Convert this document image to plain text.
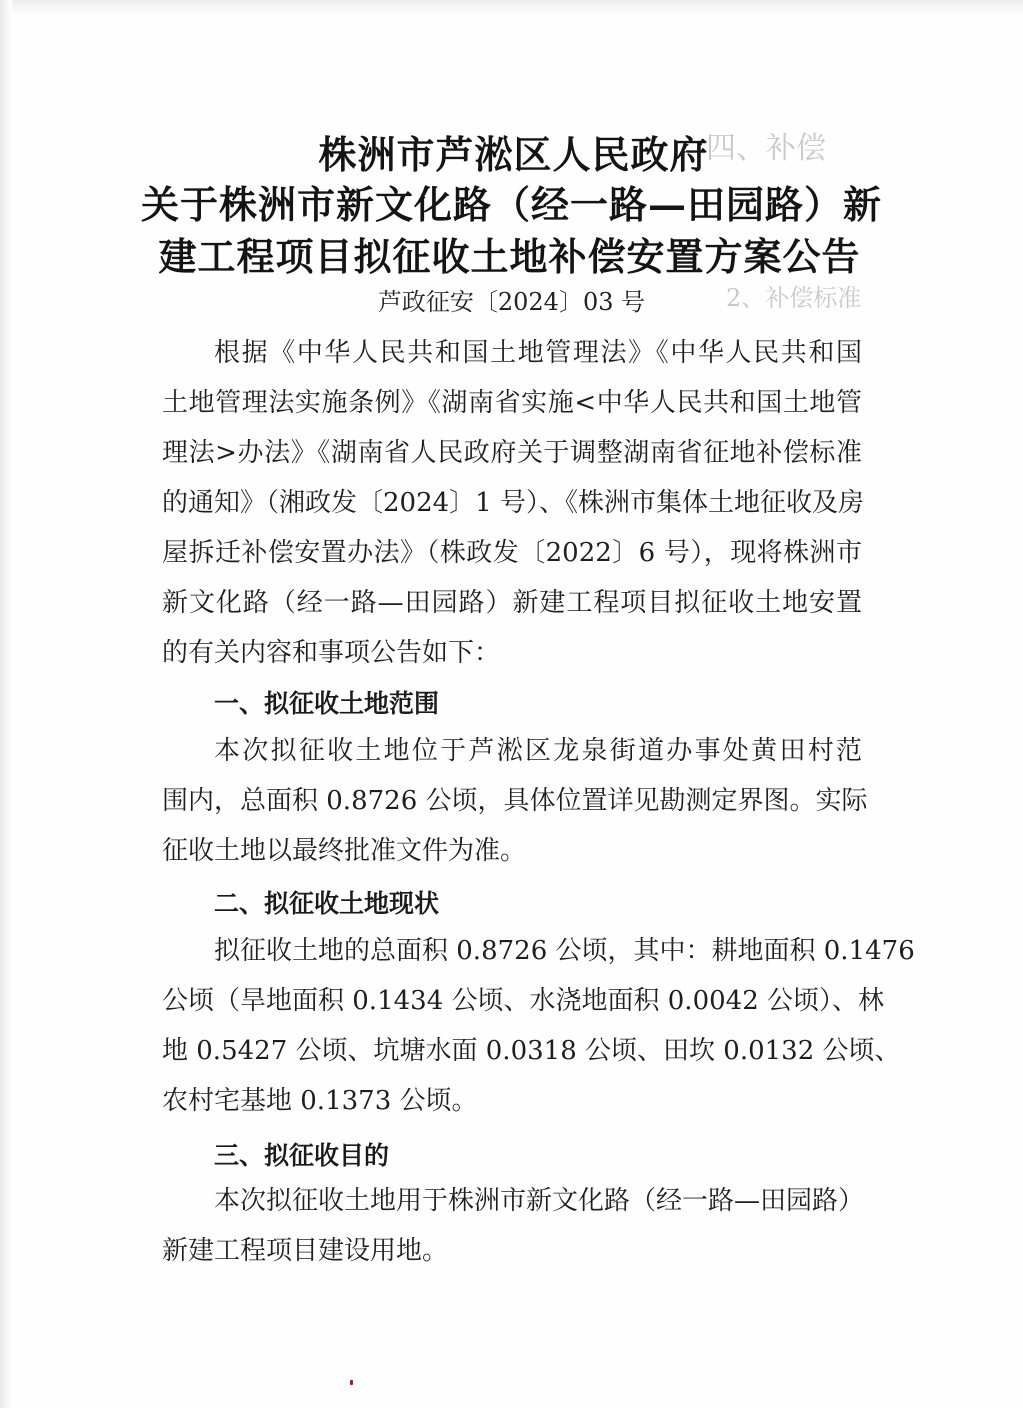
四、补偿
2、补偿标准
株洲市芦淞区人民政府
关于株洲市新文化路（经一路—田园路）新
建工程项目拟征收土地补偿安置方案公告

芦政征安〔2024〕03 号

根据《中华人民共和国土地管理法》《中华人民共和国
土地管理法实施条例》《湖南省实施<中华人民共和国土地管
理法>办法》《湖南省人民政府关于调整湖南省征地补偿标准
的通知》（湘政发〔2024〕1 号）、《株洲市集体土地征收及房
屋拆迁补偿安置办法》（株政发〔2022〕6 号），现将株洲市
新文化路（经一路—田园路）新建工程项目拟征收土地安置
的有关内容和事项公告如下：
一、拟征收土地范围
本次拟征收土地位于芦淞区龙泉街道办事处黄田村范
围内，总面积 0.8726 公顷，具体位置详见勘测定界图。实际
征收土地以最终批准文件为准。
二、拟征收土地现状
拟征收土地的总面积 0.8726 公顷，其中：耕地面积 0.1476
公顷（旱地面积 0.1434 公顷、水浇地面积 0.0042 公顷）、林
地 0.5427 公顷、坑塘水面 0.0318 公顷、田坎 0.0132 公顷、
农村宅基地 0.1373 公顷。
三、拟征收目的
本次拟征收土地用于株洲市新文化路（经一路—田园路）
新建工程项目建设用地。
